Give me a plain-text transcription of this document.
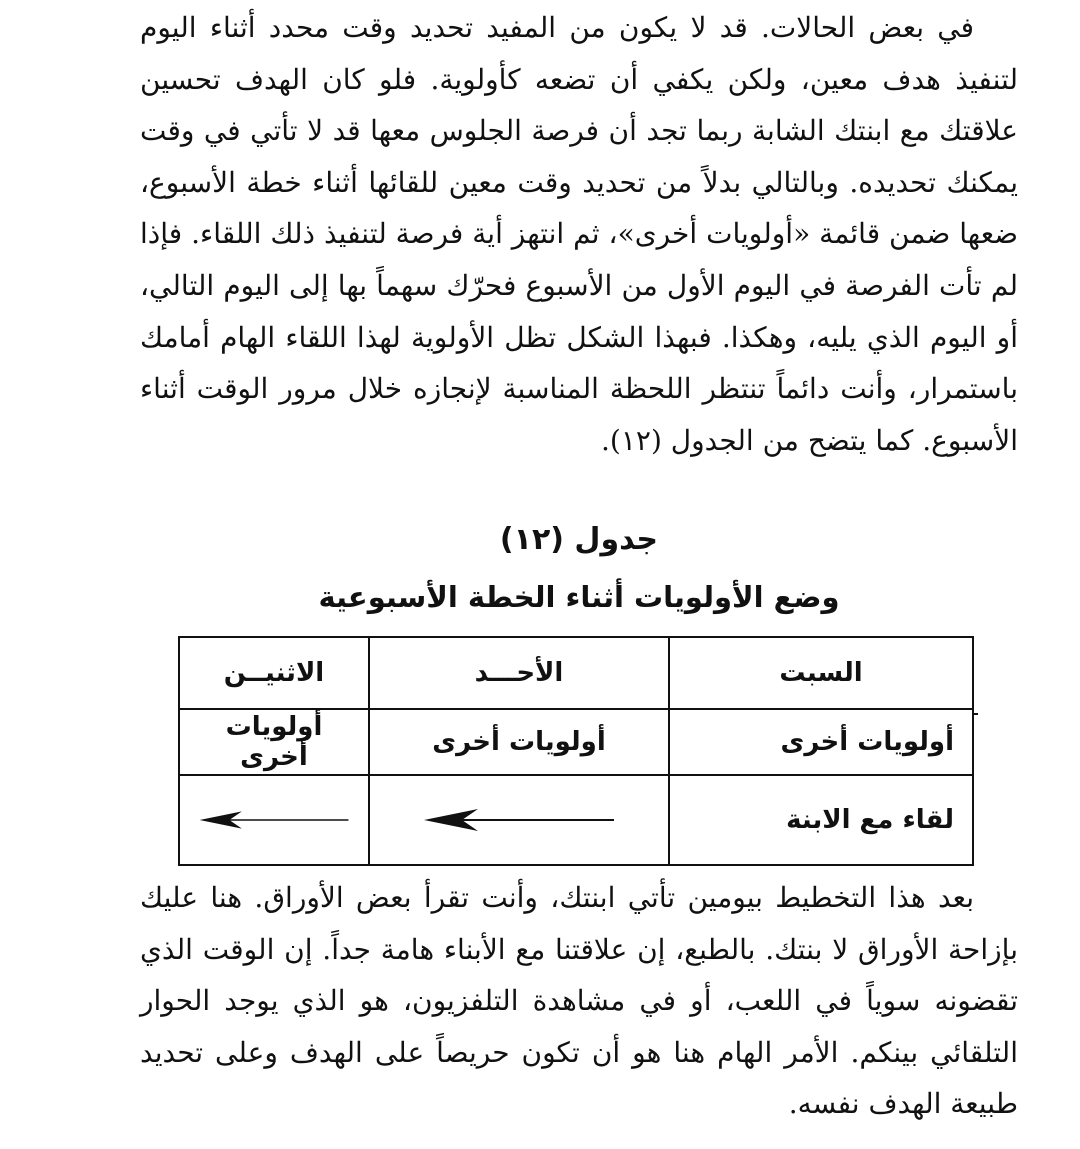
في بعض الحالات. قد لا يكون من المفيد تحديد وقت محدد أثناء اليوم لتنفيذ هدف معين، ولكن يكفي أن تضعه كأولوية. فلو كان الهدف تحسين علاقتك مع ابنتك الشابة ربما تجد أن فرصة الجلوس معها قد لا تأتي في وقت يمكنك تحديده. وبالتالي بدلاً من تحديد وقت معين للقائها أثناء خطة الأسبوع، ضعها ضمن قائمة «أولويات أخرى»، ثم انتهز أية فرصة لتنفيذ ذلك اللقاء. فإذا لم تأت الفرصة في اليوم الأول من الأسبوع فحرّك سهماً بها إلى اليوم التالي، أو اليوم الذي يليه، وهكذا. فبهذا الشكل تظل الأولوية لهذا اللقاء الهام أمامك باستمرار، وأنت دائماً تنتظر اللحظة المناسبة لإنجازه خلال مرور الوقت أثناء الأسبوع. كما يتضح من الجدول (١٢).

جدول (١٢)
وضع الأولويات أثناء الخطة الأسبوعية
السبت	الأحـــد	الاثنيــن
أولويات أخرى	أولويات أخرى	أولويات أخرى
لقاء مع الابنة	

بعد هذا التخطيط بيومين تأتي ابنتك، وأنت تقرأ بعض الأوراق. هنا عليك بإزاحة الأوراق لا بنتك. بالطبع، إن علاقتنا مع الأبناء هامة جداً. إن الوقت الذي تقضونه سوياً في اللعب، أو في مشاهدة التلفزيون، هو الذي يوجد الحوار التلقائي بينكم. الأمر الهام هنا هو أن تكون حريصاً على الهدف وعلى تحديد طبيعة الهدف نفسه.
